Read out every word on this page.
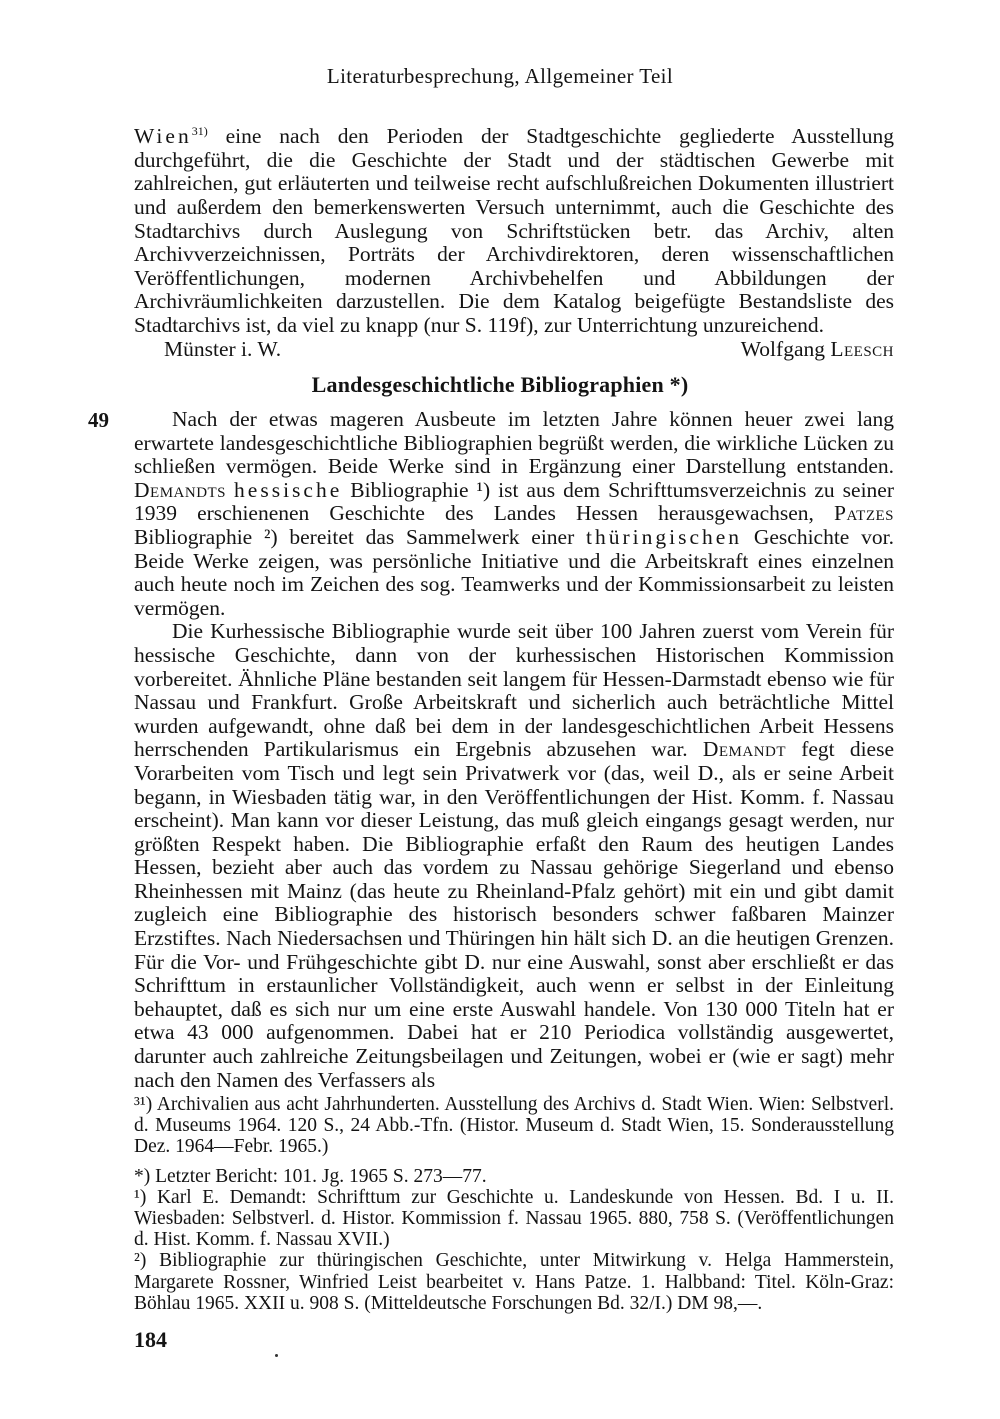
Literaturbesprechung, Allgemeiner Teil

Wien$^{31)}$ eine nach den Perioden der Stadtgeschichte gegliederte Ausstellung durchgeführt, die die Geschichte der Stadt und der städtischen Gewerbe mit zahlreichen, gut erläuterten und teilweise recht aufschlußreichen Dokumenten illustriert und außerdem den bemerkenswerten Versuch unternimmt, auch die Geschichte des Stadtarchivs durch Auslegung von Schriftstücken betr. das Archiv, alten Archivverzeichnissen, Porträts der Archivdirektoren, deren wissenschaftlichen Veröffentlichungen, modernen Archivbehelfen und Abbildungen der Archivräumlichkeiten darzustellen. Die dem Katalog beigefügte Bestandsliste des Stadtarchivs ist, da viel zu knapp (nur S. 119f), zur Unterrichtung unzureichend.

Münster i. W.	Wolfgang Leesch
Landesgeschichtliche Bibliographien *)
49	Nach der etwas mageren Ausbeute im letzten Jahre können heuer zwei lang erwartete landesgeschichtliche Bibliographien begrüßt werden, die wirkliche Lücken zu schließen vermögen. Beide Werke sind in Ergänzung einer Darstellung entstanden. Demandts hessische Bibliographie ¹) ist aus dem Schrifttumsverzeichnis zu seiner 1939 erschienenen Geschichte des Landes Hessen herausgewachsen, Patzes Bibliographie ²) bereitet das Sammelwerk einer thüringischen Geschichte vor. Beide Werke zeigen, was persönliche Initiative und die Arbeitskraft eines einzelnen auch heute noch im Zeichen des sog. Teamwerks und der Kommissionsarbeit zu leisten vermögen.

Die Kurhessische Bibliographie wurde seit über 100 Jahren zuerst vom Verein für hessische Geschichte, dann von der kurhessischen Historischen Kommission vorbereitet. Ähnliche Pläne bestanden seit langem für Hessen-Darmstadt ebenso wie für Nassau und Frankfurt. Große Arbeitskraft und sicherlich auch beträchtliche Mittel wurden aufgewandt, ohne daß bei dem in der landesgeschichtlichen Arbeit Hessens herrschenden Partikularismus ein Ergebnis abzusehen war. Demandt fegt diese Vorarbeiten vom Tisch und legt sein Privatwerk vor (das, weil D., als er seine Arbeit begann, in Wiesbaden tätig war, in den Veröffentlichungen der Hist. Komm. f. Nassau erscheint). Man kann vor dieser Leistung, das muß gleich eingangs gesagt werden, nur größten Respekt haben. Die Bibliographie erfaßt den Raum des heutigen Landes Hessen, bezieht aber auch das vordem zu Nassau gehörige Siegerland und ebenso Rheinhessen mit Mainz (das heute zu Rheinland-Pfalz gehört) mit ein und gibt damit zugleich eine Bibliographie des historisch besonders schwer faßbaren Mainzer Erzstiftes. Nach Niedersachsen und Thüringen hin hält sich D. an die heutigen Grenzen. Für die Vor- und Frühgeschichte gibt D. nur eine Auswahl, sonst aber erschließt er das Schrifttum in erstaunlicher Vollständigkeit, auch wenn er selbst in der Einleitung behauptet, daß es sich nur um eine erste Auswahl handele. Von 130 000 Titeln hat er etwa 43 000 aufgenommen. Dabei hat er 210 Periodica vollständig ausgewertet, darunter auch zahlreiche Zeitungsbeilagen und Zeitungen, wobei er (wie er sagt) mehr nach den Namen des Verfassers als

³¹) Archivalien aus acht Jahrhunderten. Ausstellung des Archivs d. Stadt Wien. Wien: Selbstverl. d. Museums 1964. 120 S., 24 Abb.-Tfn. (Histor. Museum d. Stadt Wien, 15. Sonderausstellung Dez. 1964—Febr. 1965.)

*) Letzter Bericht: 101. Jg. 1965 S. 273—77.

¹) Karl E. Demandt: Schrifttum zur Geschichte u. Landeskunde von Hessen. Bd. I u. II. Wiesbaden: Selbstverl. d. Histor. Kommission f. Nassau 1965. 880, 758 S. (Veröffentlichungen d. Hist. Komm. f. Nassau XVII.)

²) Bibliographie zur thüringischen Geschichte, unter Mitwirkung v. Helga Hammerstein, Margarete Rossner, Winfried Leist bearbeitet v. Hans Patze. 1. Halbband: Titel. Köln-Graz: Böhlau 1965. XXII u. 908 S. (Mitteldeutsche Forschungen Bd. 32/I.) DM 98,—.

184
